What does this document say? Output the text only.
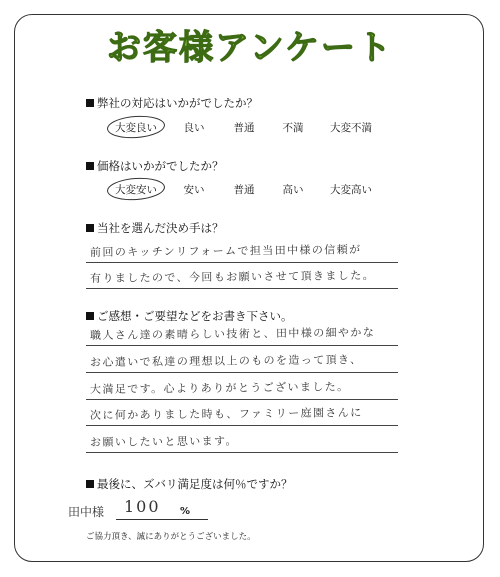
お客様アンケート
弊社の対応はいかがでしたか？
大変良い	良い	普通	不満	大変不満
価格はいかがでしたか？
大変安い	安い	普通	高い	大変高い
当社を選んだ決め手は？
前回のキッチンリフォームで担当田中様の信頼が
有りましたので、今回もお願いさせて頂きました。
ご感想・ご要望などをお書き下さい。
職人さん達の素晴らしい技術と、田中様の細やかな
お心遣いで私達の理想以上のものを造って頂き、
大満足です。心よりありがとうございました。
次に何かありました時も、ファミリー庭園さんに
お願いしたいと思います。
最後に、ズバリ満足度は何％ですか？
田中様 100 %
ご協力頂き、誠にありがとうございました。
